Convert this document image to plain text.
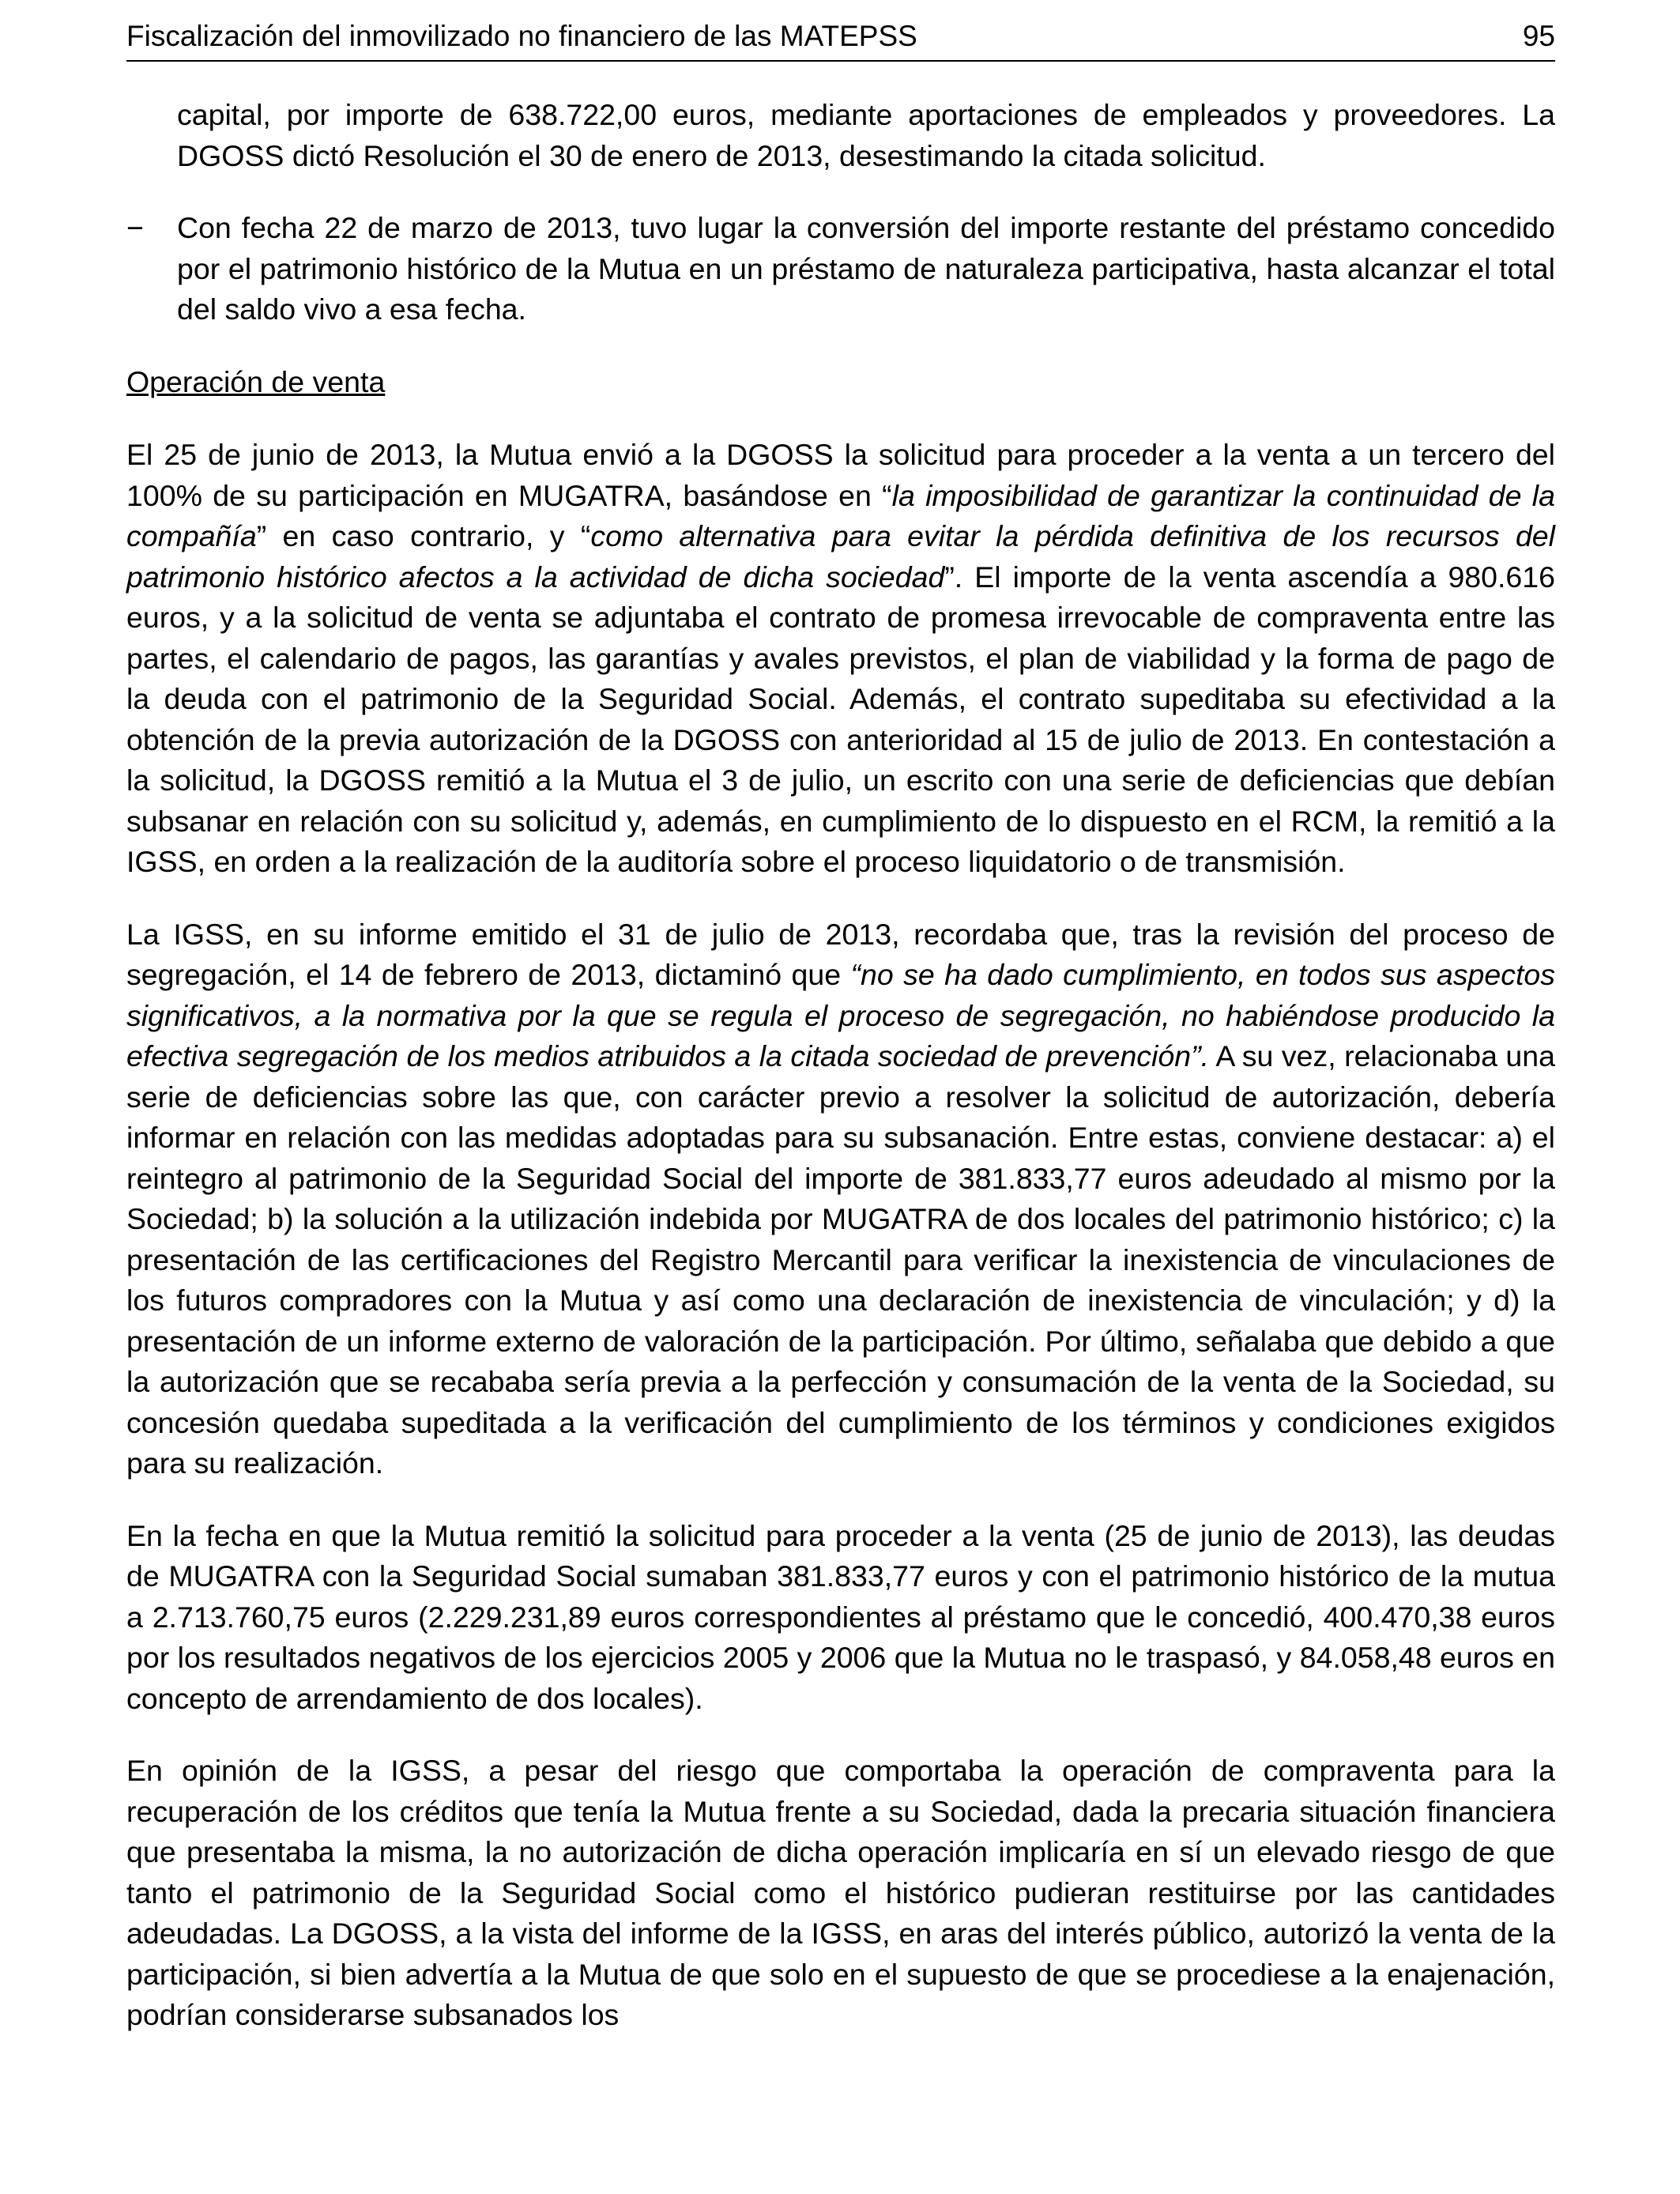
Fiscalización del inmovilizado no financiero de las MATEPSS	95

capital, por importe de 638.722,00 euros, mediante aportaciones de empleados y proveedores. La DGOSS dictó Resolución el 30 de enero de 2013, desestimando la citada solicitud.

− Con fecha 22 de marzo de 2013, tuvo lugar la conversión del importe restante del préstamo concedido por el patrimonio histórico de la Mutua en un préstamo de naturaleza participativa, hasta alcanzar el total del saldo vivo a esa fecha.

Operación de venta

El 25 de junio de 2013, la Mutua envió a la DGOSS la solicitud para proceder a la venta a un tercero del 100% de su participación en MUGATRA, basándose en “la imposibilidad de garantizar la continuidad de la compañía” en caso contrario, y “como alternativa para evitar la pérdida definitiva de los recursos del patrimonio histórico afectos a la actividad de dicha sociedad”. El importe de la venta ascendía a 980.616 euros, y a la solicitud de venta se adjuntaba el contrato de promesa irrevocable de compraventa entre las partes, el calendario de pagos, las garantías y avales previstos, el plan de viabilidad y la forma de pago de la deuda con el patrimonio de la Seguridad Social. Además, el contrato supeditaba su efectividad a la obtención de la previa autorización de la DGOSS con anterioridad al 15 de julio de 2013. En contestación a la solicitud, la DGOSS remitió a la Mutua el 3 de julio, un escrito con una serie de deficiencias que debían subsanar en relación con su solicitud y, además, en cumplimiento de lo dispuesto en el RCM, la remitió a la IGSS, en orden a la realización de la auditoría sobre el proceso liquidatorio o de transmisión.

La IGSS, en su informe emitido el 31 de julio de 2013, recordaba que, tras la revisión del proceso de segregación, el 14 de febrero de 2013, dictaminó que “no se ha dado cumplimiento, en todos sus aspectos significativos, a la normativa por la que se regula el proceso de segregación, no habiéndose producido la efectiva segregación de los medios atribuidos a la citada sociedad de prevención”. A su vez, relacionaba una serie de deficiencias sobre las que, con carácter previo a resolver la solicitud de autorización, debería informar en relación con las medidas adoptadas para su subsanación. Entre estas, conviene destacar: a) el reintegro al patrimonio de la Seguridad Social del importe de 381.833,77 euros adeudado al mismo por la Sociedad; b) la solución a la utilización indebida por MUGATRA de dos locales del patrimonio histórico; c) la presentación de las certificaciones del Registro Mercantil para verificar la inexistencia de vinculaciones de los futuros compradores con la Mutua y así como una declaración de inexistencia de vinculación; y d) la presentación de un informe externo de valoración de la participación. Por último, señalaba que debido a que la autorización que se recababa sería previa a la perfección y consumación de la venta de la Sociedad, su concesión quedaba supeditada a la verificación del cumplimiento de los términos y condiciones exigidos para su realización.

En la fecha en que la Mutua remitió la solicitud para proceder a la venta (25 de junio de 2013), las deudas de MUGATRA con la Seguridad Social sumaban 381.833,77 euros y con el patrimonio histórico de la mutua a 2.713.760,75 euros (2.229.231,89 euros correspondientes al préstamo que le concedió, 400.470,38 euros por los resultados negativos de los ejercicios 2005 y 2006 que la Mutua no le traspasó, y 84.058,48 euros en concepto de arrendamiento de dos locales).

En opinión de la IGSS, a pesar del riesgo que comportaba la operación de compraventa para la recuperación de los créditos que tenía la Mutua frente a su Sociedad, dada la precaria situación financiera que presentaba la misma, la no autorización de dicha operación implicaría en sí un elevado riesgo de que tanto el patrimonio de la Seguridad Social como el histórico pudieran restituirse por las cantidades adeudadas. La DGOSS, a la vista del informe de la IGSS, en aras del interés público, autorizó la venta de la participación, si bien advertía a la Mutua de que solo en el supuesto de que se procediese a la enajenación, podrían considerarse subsanados los
